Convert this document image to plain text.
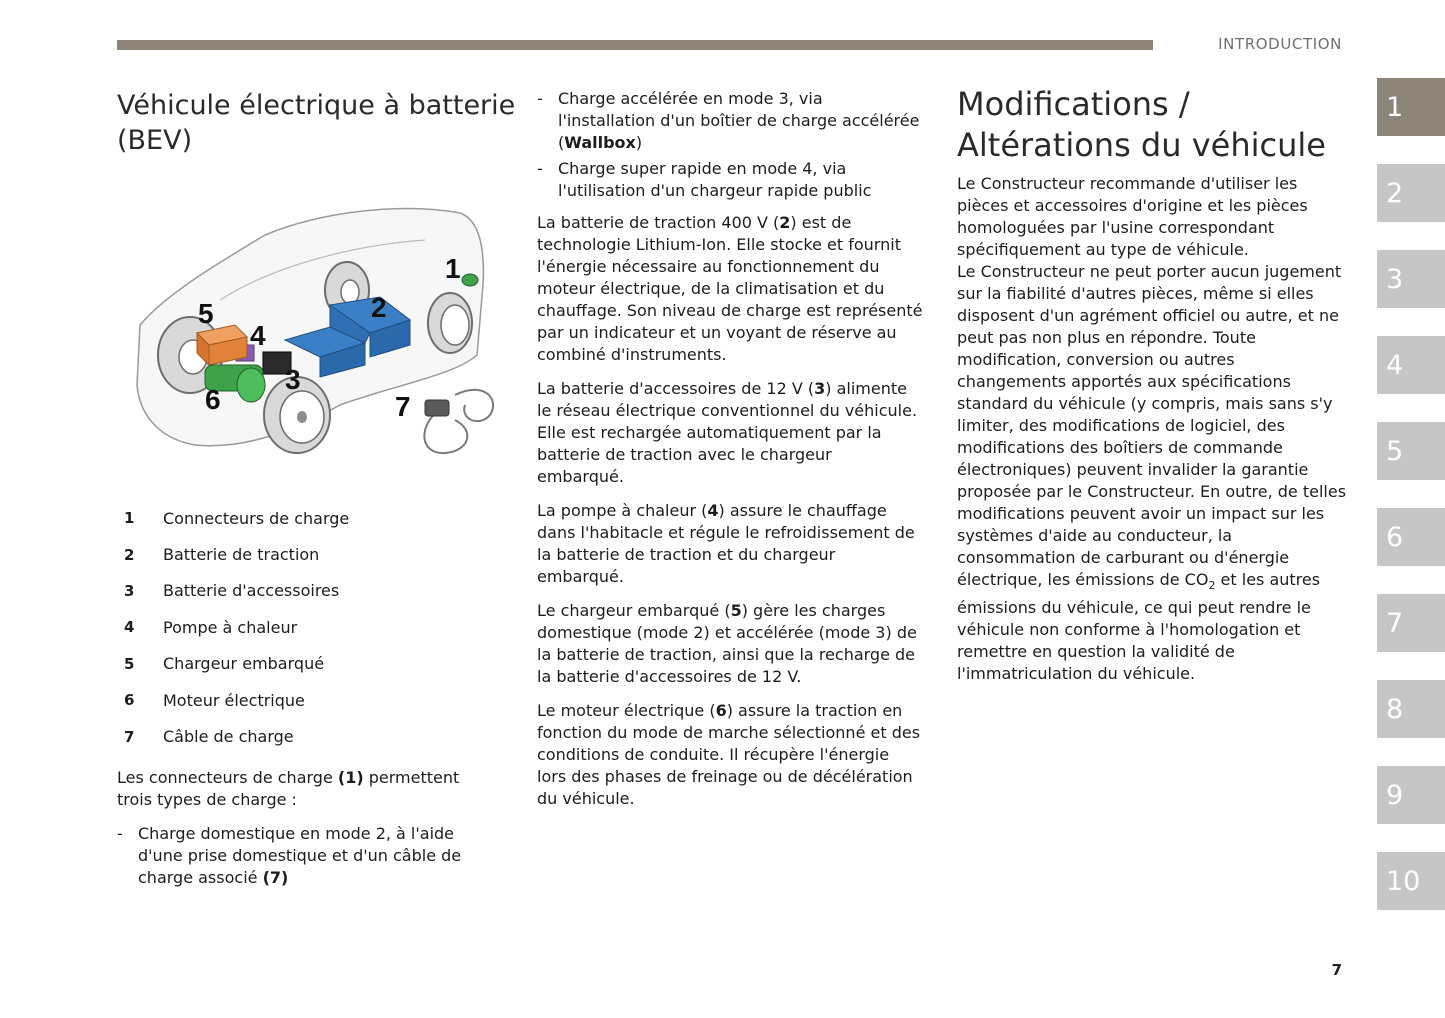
INTRODUCTION
Véhicule électrique à batterie (BEV)
1
2
3
4
5
6	7
1	Connecteurs de charge
2	Batterie de traction
3	Batterie d'accessoires
4	Pompe à chaleur
5	Chargeur embarqué
6	Moteur électrique
7	Câble de charge

Les connecteurs de charge (1) permettent trois types de charge :

- Charge domestique en mode 2, à l'aide d'une prise domestique et d'un câble de charge associé (7)
- Charge accélérée en mode 3, via l'installation d'un boîtier de charge accélérée (Wallbox)
- Charge super rapide en mode 4, via l'utilisation d'un chargeur rapide public

La batterie de traction 400 V (2) est de technologie Lithium-Ion. Elle stocke et fournit l'énergie nécessaire au fonctionnement du moteur électrique, de la climatisation et du chauffage. Son niveau de charge est représenté par un indicateur et un voyant de réserve au combiné d'instruments.

La batterie d'accessoires de 12 V (3) alimente le réseau électrique conventionnel du véhicule. Elle est rechargée automatiquement par la batterie de traction avec le chargeur embarqué.

La pompe à chaleur (4) assure le chauffage dans l'habitacle et régule le refroidissement de la batterie de traction et du chargeur embarqué.

Le chargeur embarqué (5) gère les charges domestique (mode 2) et accélérée (mode 3) de la batterie de traction, ainsi que la recharge de la batterie d'accessoires de 12 V.

Le moteur électrique (6) assure la traction en fonction du mode de marche sélectionné et des conditions de conduite. Il récupère l'énergie lors des phases de freinage ou de décélération du véhicule.

Modifications / Altérations du véhicule

Le Constructeur recommande d'utiliser les pièces et accessoires d'origine et les pièces homologuées par l'usine correspondant spécifiquement au type de véhicule.

Le Constructeur ne peut porter aucun jugement sur la fiabilité d'autres pièces, même si elles disposent d'un agrément officiel ou autre, et ne peut pas non plus en répondre. Toute modification, conversion ou autres changements apportés aux spécifications standard du véhicule (y compris, mais sans s'y limiter, des modifications de logiciel, des modifications des boîtiers de commande électroniques) peuvent invalider la garantie proposée par le Constructeur. En outre, de telles modifications peuvent avoir un impact sur les systèmes d'aide au conducteur, la consommation de carburant ou d'énergie électrique, les émissions de $CO_2$ et les autres émissions du véhicule, ce qui peut rendre le véhicule non conforme à l'homologation et remettre en question la validité de l'immatriculation du véhicule.

1
2
3
4
5
6
7
8
9
10
7
